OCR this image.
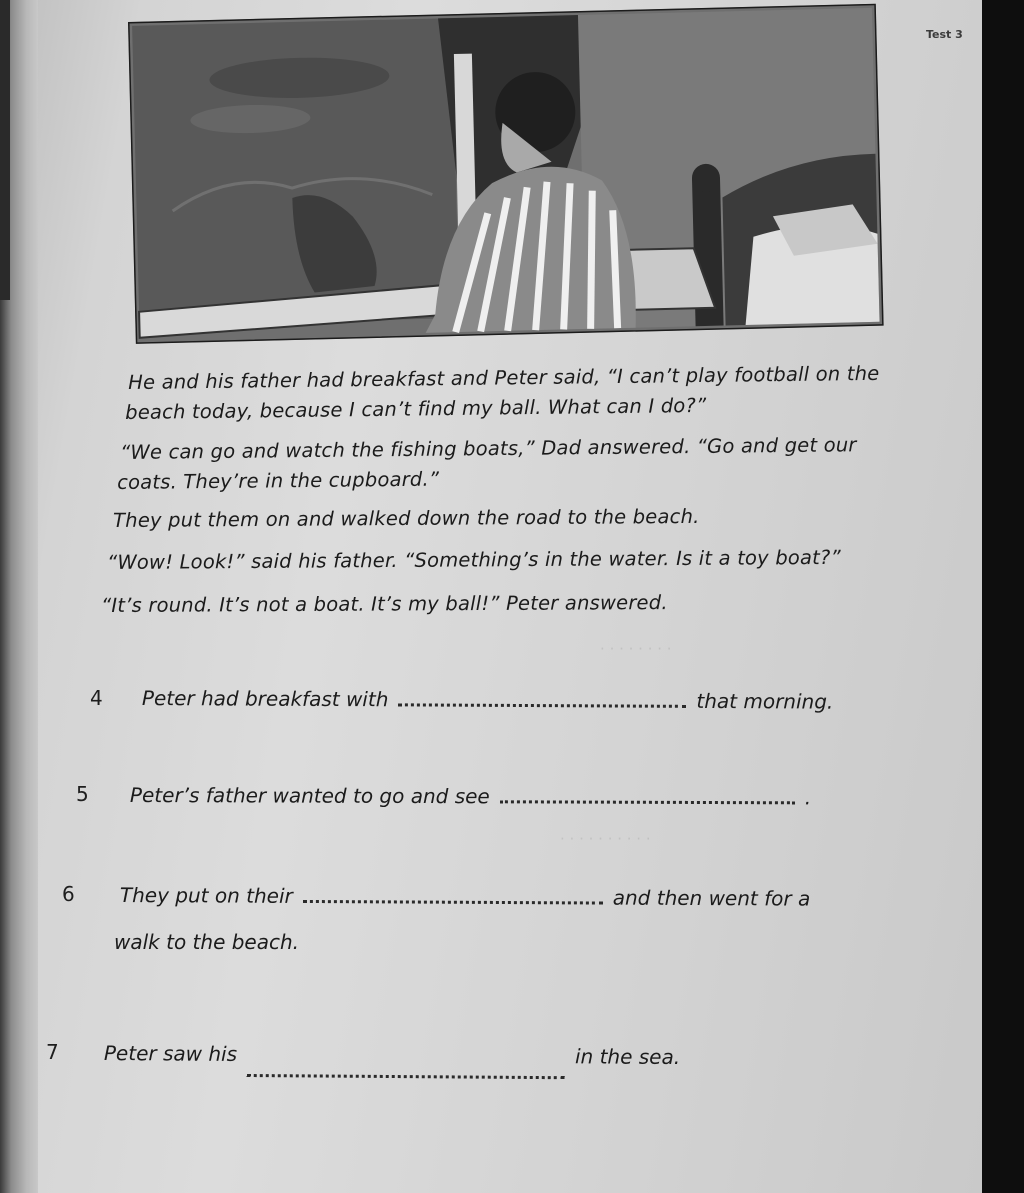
Test 3

He and his father had breakfast and Peter said, “I can’t play football on the

beach today, because I can’t find my ball. What can I do?”

“We can go and watch the fishing boats,” Dad answered. “Go and get our

coats. They’re in the cupboard.”

They put them on and walked down the road to the beach.

“Wow! Look!” said his father. “Something’s in the water. Is it a toy boat?”

“It’s round. It’s not a boat. It’s my ball!” Peter answered.

· · · · · · · ·
· · · · · · · · · ·
4 Peter had breakfast with	that morning.
5 Peter’s father wanted to go and see	.
6 They put on their	and then went for a
walk to the beach.
7 Peter saw his	in the sea.
